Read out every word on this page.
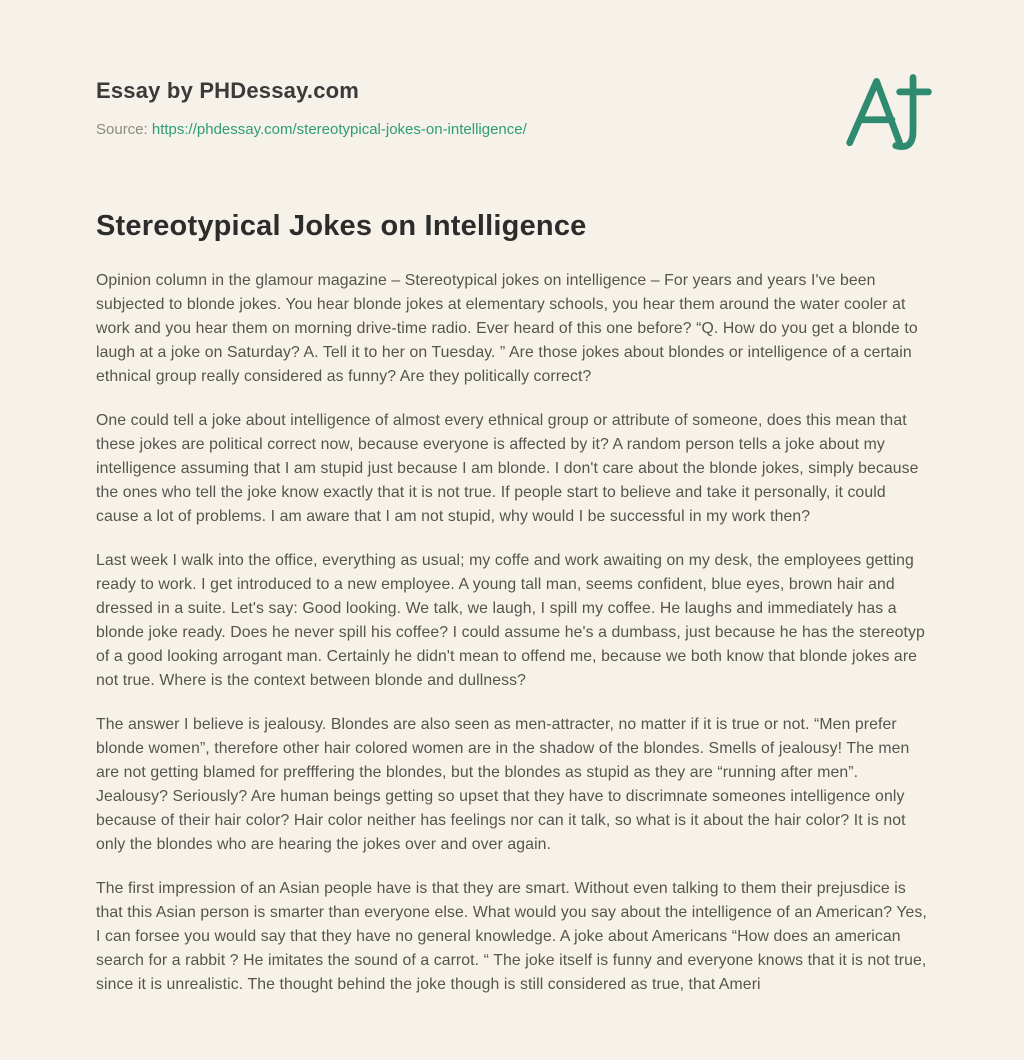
Essay by PHDessay.com
Source: https://phdessay.com/stereotypical-jokes-on-intelligence/
Stereotypical Jokes on Intelligence

Opinion column in the glamour magazine – Stereotypical jokes on intelligence – For years and years I've been subjected to blonde jokes. You hear blonde jokes at elementary schools, you hear them around the water cooler at work and you hear them on morning drive-time radio. Ever heard of this one before? “Q. How do you get a blonde to laugh at a joke on Saturday? A. Tell it to her on Tuesday. ” Are those jokes about blondes or intelligence of a certain ethnical group really considered as funny? Are they politically correct?

One could tell a joke about intelligence of almost every ethnical group or attribute of someone, does this mean that these jokes are political correct now, because everyone is affected by it? A random person tells a joke about my intelligence assuming that I am stupid just because I am blonde. I don't care about the blonde jokes, simply because the ones who tell the joke know exactly that it is not true. If people start to believe and take it personally, it could cause a lot of problems. I am aware that I am not stupid, why would I be successful in my work then?

Last week I walk into the office, everything as usual; my coffe and work awaiting on my desk, the employees getting ready to work. I get introduced to a new employee. A young tall man, seems confident, blue eyes, brown hair and dressed in a suite. Let's say: Good looking. We talk, we laugh, I spill my coffee. He laughs and immediately has a blonde joke ready. Does he never spill his coffee? I could assume he's a dumbass, just because he has the stereotyp of a good looking arrogant man. Certainly he didn't mean to offend me, because we both know that blonde jokes are not true. Where is the context between blonde and dullness?

The answer I believe is jealousy. Blondes are also seen as men-attracter, no matter if it is true or not. “Men prefer blonde women”, therefore other hair colored women are in the shadow of the blondes. Smells of jealousy! The men are not getting blamed for prefffering the blondes, but the blondes as stupid as they are “running after men”. Jealousy? Seriously? Are human beings getting so upset that they have to discrimnate someones intelligence only because of their hair color? Hair color neither has feelings nor can it talk, so what is it about the hair color? It is not only the blondes who are hearing the jokes over and over again.

The first impression of an Asian people have is that they are smart. Without even talking to them their prejusdice is that this Asian person is smarter than everyone else. What would you say about the intelligence of an American? Yes, I can forsee you would say that they have no general knowledge. A joke about Americans “How does an american search for a rabbit ? He imitates the sound of a carrot. “ The joke itself is funny and everyone knows that it is not true, since it is unrealistic. The thought behind the joke though is still considered as true, that Ameri
